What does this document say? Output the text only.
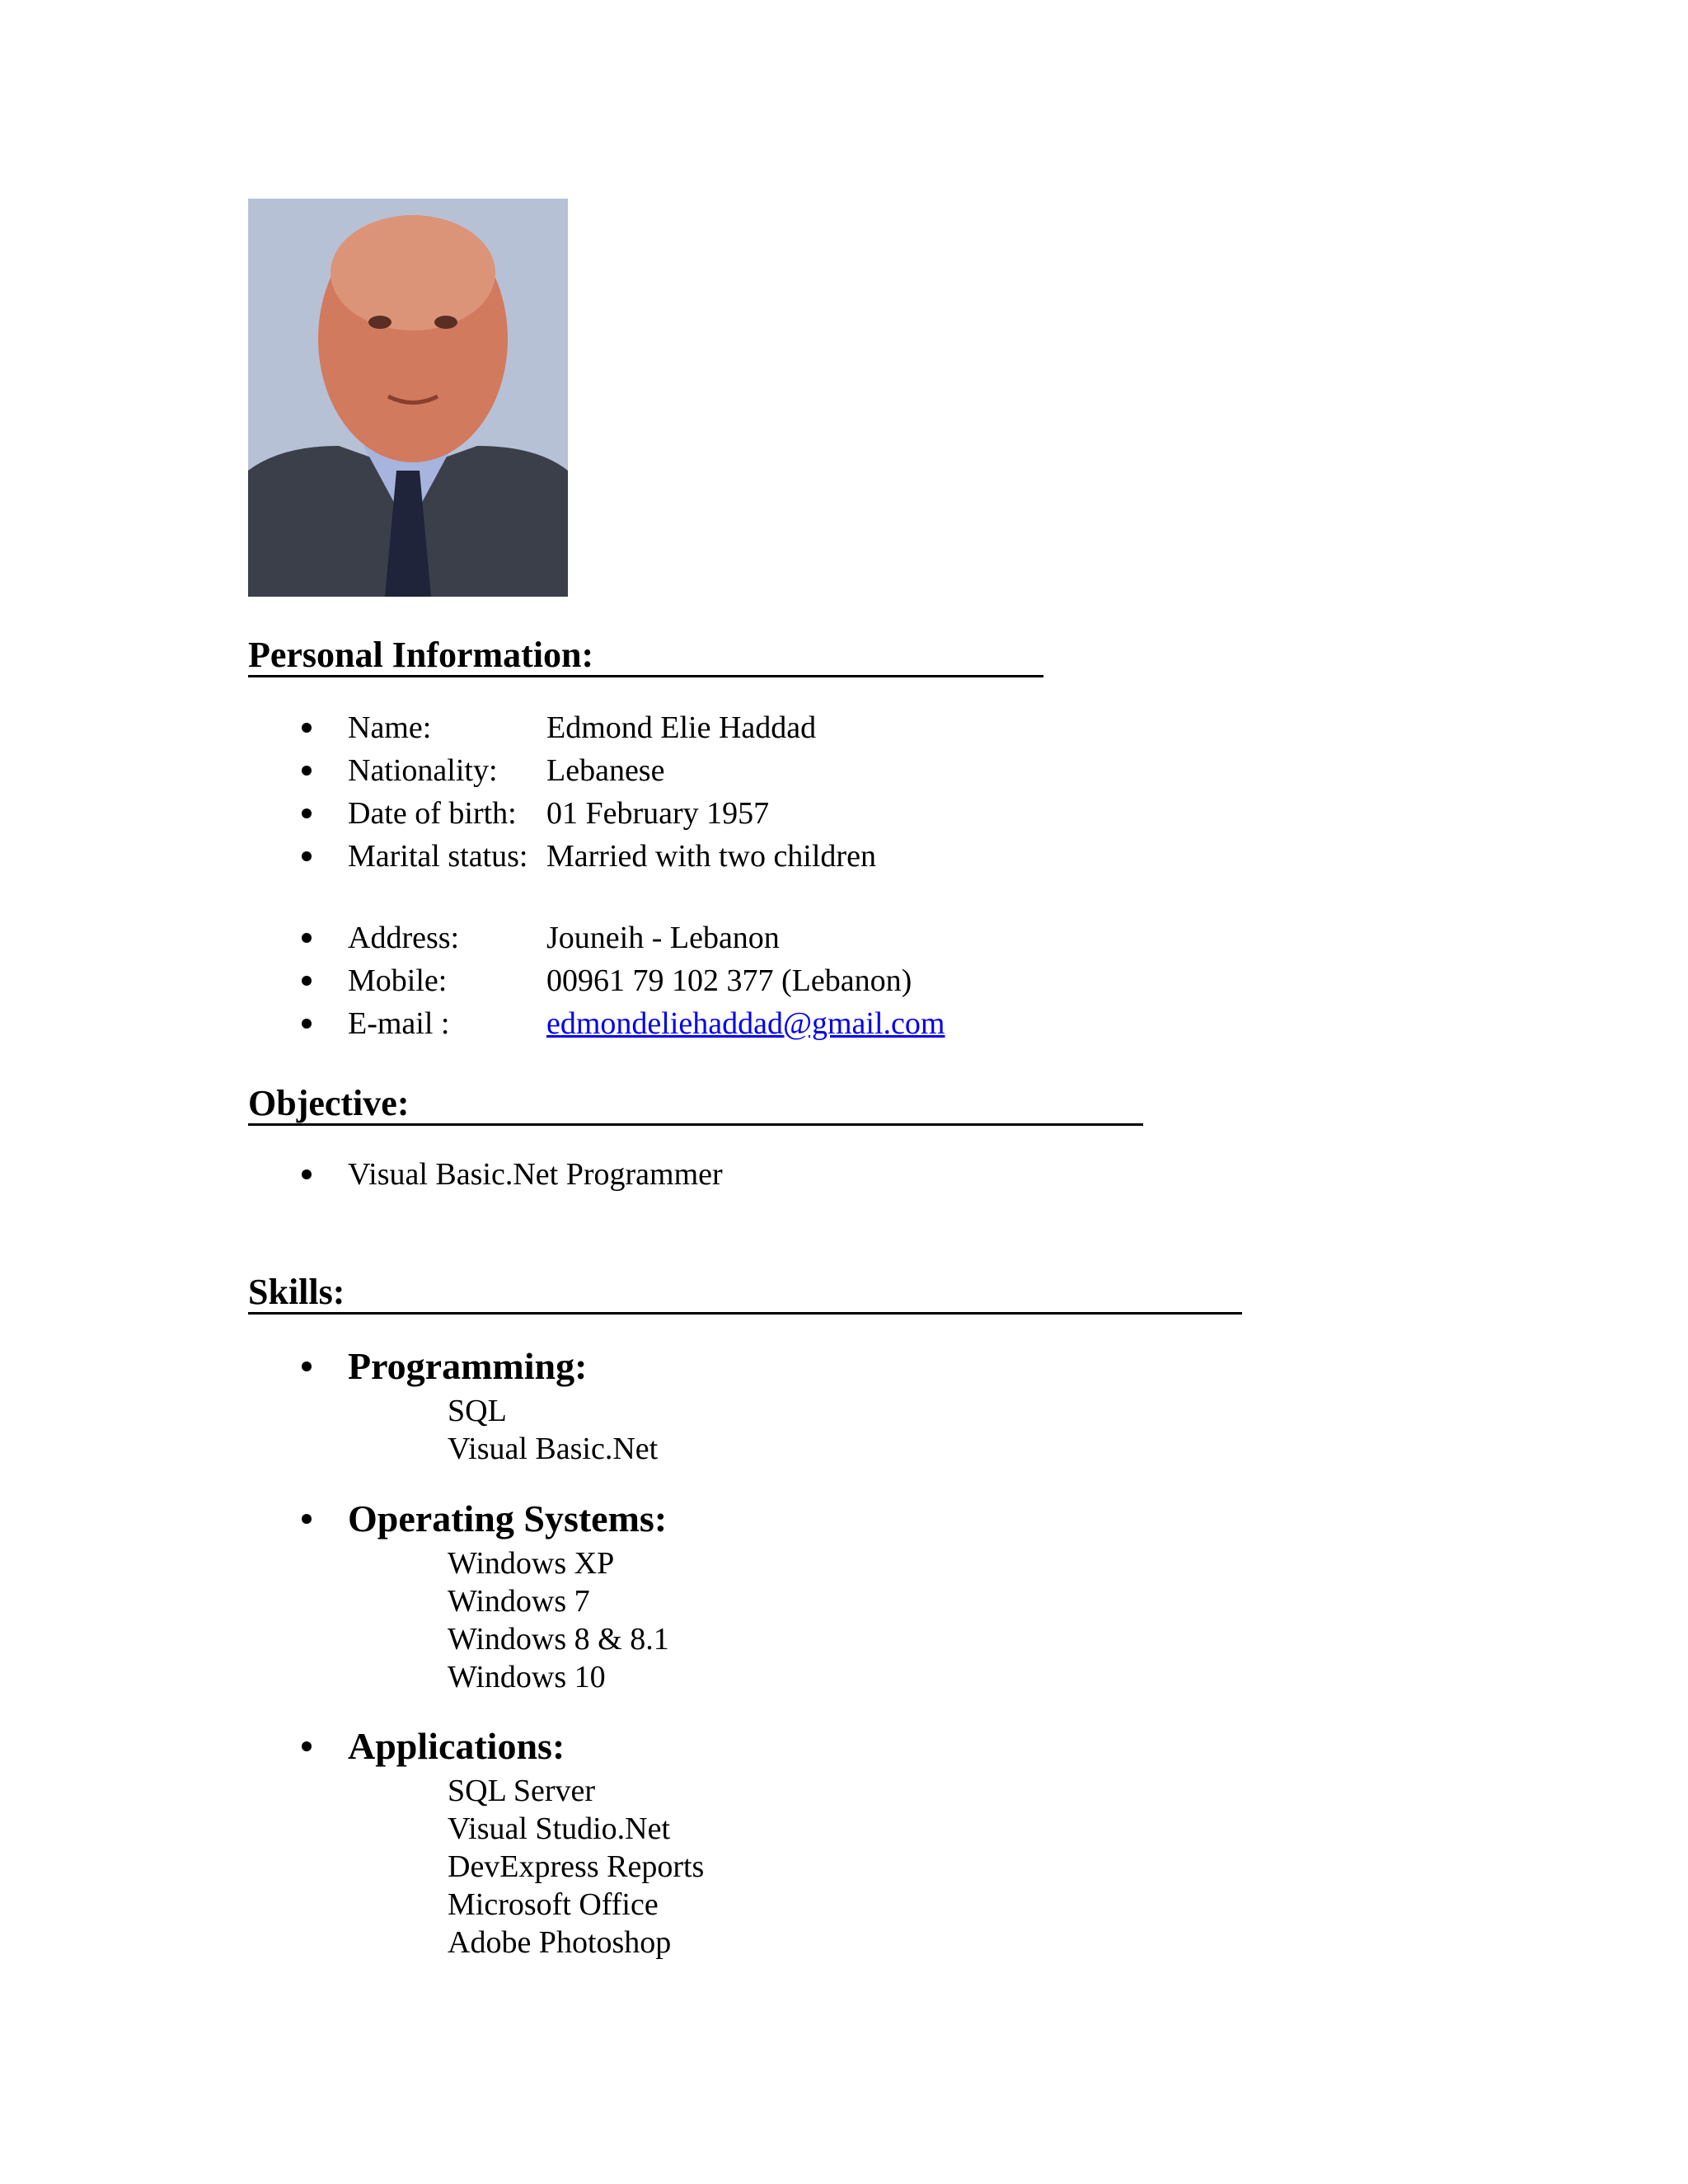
Personal Information:
Name:	Edmond Elie Haddad
Nationality: Lebanese
Date of birth: 01 February 1957
Marital status: Married with two children
Address:	Jouneih - Lebanon
Mobile:	00961 79 102 377 (Lebanon)
E-mail :	edmondeliehaddad@gmail.com
Objective:
Visual Basic.Net Programmer
Skills:
Programming:
SQL
Visual Basic.Net
Operating Systems:
Windows XP
Windows 7
Windows 8 & 8.1
Windows 10
Applications:
SQL Server
Visual Studio.Net
DevExpress Reports
Microsoft Office
Adobe Photoshop
